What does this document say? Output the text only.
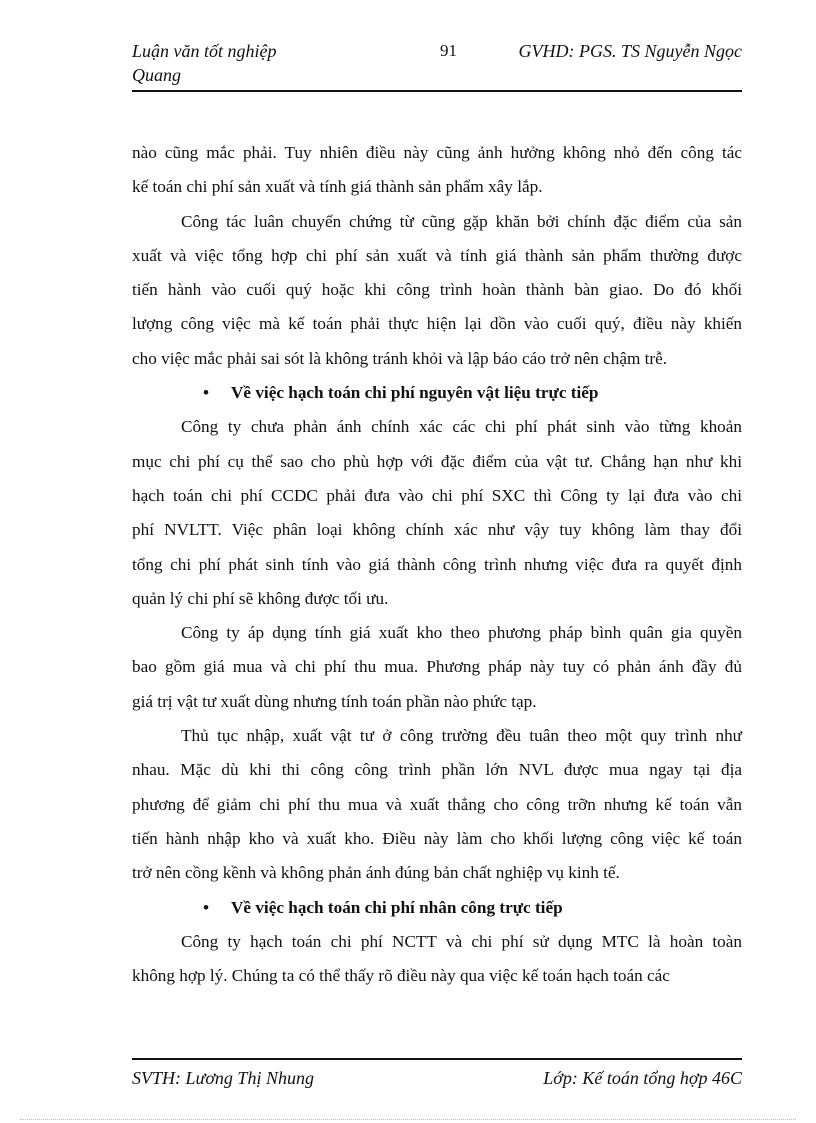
Luận văn tốt nghiệp	91	GVHD: PGS. TS Nguyễn Ngọc
Quang
nào cũng mắc phải. Tuy nhiên điều này cũng ảnh hưởng không nhỏ đến công tác
kế toán chi phí sản xuất và tính giá thành sản phẩm xây lắp.
Công tác luân chuyển chứng từ cũng gặp khăn bởi chính đặc điểm của sản
xuất và việc tổng hợp chi phí sản xuất và tính giá thành sản phẩm thường được
tiến hành vào cuối quý hoặc khi công trình hoàn thành bàn giao. Do đó khối
lượng công việc mà kế toán phải thực hiện lại dồn vào cuối quý, điều này khiến
cho việc mắc phải sai sót là không tránh khỏi và lập báo cáo trở nên chậm trễ.
• Về việc hạch toán chi phí nguyên vật liệu trực tiếp
Công ty chưa phản ánh chính xác các chi phí phát sinh vào từng khoản
mục chi phí cụ thể sao cho phù hợp với đặc điểm của vật tư. Chẳng hạn như khi
hạch toán chi phí CCDC phải đưa vào chi phí SXC thì Công ty lại đưa vào chi
phí NVLTT. Việc phân loại không chính xác như vậy tuy không làm thay đổi
tổng chi phí phát sinh tính vào giá thành công trình nhưng việc đưa ra quyết định
quản lý chi phí sẽ không được tối ưu.
Công ty áp dụng tính giá xuất kho theo phương pháp bình quân gia quyền
bao gồm giá mua và chi phí thu mua. Phương pháp này tuy có phản ánh đầy đủ
giá trị vật tư xuất dùng nhưng tính toán phần nào phức tạp.
Thủ tục nhập, xuất vật tư ở công trường đều tuân theo một quy trình như
nhau. Mặc dù khi thi công công trình phần lớn NVL được mua ngay tại địa
phương để giảm chi phí thu mua và xuất thẳng cho công trỡn nhưng kế toán vẫn
tiến hành nhập kho và xuất kho. Điều này làm cho khối lượng công việc kế toán
trở nên cồng kềnh và không phản ánh đúng bản chất nghiệp vụ kinh tế.
• Về việc hạch toán chi phí nhân công trực tiếp
Công ty hạch toán chi phí NCTT và chi phí sử dụng MTC là hoàn toàn
không hợp lý. Chúng ta có thể thấy rõ điều này qua việc kế toán hạch toán các
SVTH: Lương Thị Nhung	Lớp: Kế toán tổng hợp 46C
